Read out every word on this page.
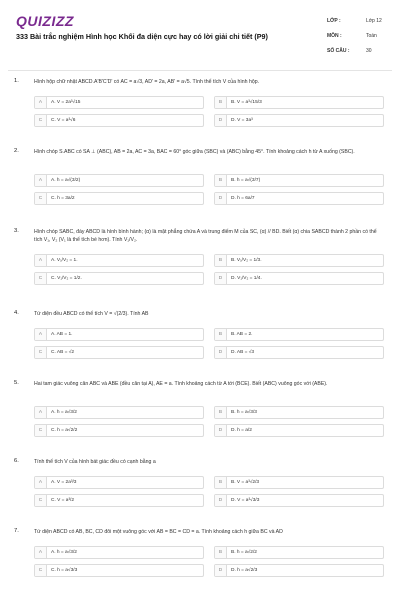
QUIZIZZ
333 Bài trắc nghiệm Hình học Khối đa diện cực hay có lời giải chi tiết (P9)
LỚP :	Lớp 12
MÔN :	Toán
SỐ CÂU :	30
1.	Hình hộp chữ nhật ABCD.A'B'C'D' có AC = a√3, AD' = 2a, AB' = a√5. Tính thể tích V của hình hộp.
A	A. V = 2a³√15	B	B. V = a³√15/3
C	C. V = a³√6	D	D. V = 3a³
2.	Hình chóp S.ABC có SA ⊥ (ABC), AB = 2a, AC = 3a, BAC = 60° góc giữa (SBC) và (ABC) bằng 45°. Tính khoảng cách h từ A xuống (SBC).
A	A. h = a√(3/2)	B	B. h = a√(3/7)
C	C. h = 3a/2	D	D. h = 6a/7
3.	Hình chóp SABC, đáy ABCD là hình bình hành; (α) là mặt phẳng chứa A và trung điểm M của SC, (α) // BD. Biết (α) chia SABCD thành 2 phần có thể tích V₁, V₂ (V₁ là thể tích bé hơn). Tính V₁/V₂.
A	A. V₁/V₂ = 1.	B	B. V₁/V₂ = 1/3.
C	C. V₁/V₂ = 1/2.	D	D. V₁/V₂ = 1/4.
4.	Tứ diện đều ABCD có thể tích V = √(2/3). Tính AB
A	A. AB = 1.	B	B. AB = 2.
C	C. AB = √2	D	D. AB = √3
5.	Hai tam giác vuông cân ABC và ABE (đều cân tại A), AE = a. Tính khoảng cách từ A tới (BCE). Biết (ABC) vuông góc với (ABE).
A	A. h = a√3/2	B	B. h = a√3/3
C	C. h = a√2/2	D	D. h = a/2
6.	Tính thể tích V của hình bát giác đều có cạnh bằng a
A	A. V = 2a³/3	B	B. V = a³√2/3
C	C. V = a³/2	D	D. V = a³√3/3
7.	Tứ diện ABCD có AB, BC, CD đôi một vuông góc với AB = BC = CD = a. Tính khoảng cách h giữa BC và AD
A	A. h = a√3/2	B	B. h = a√2/2
C	C. h = a√3/3	D	D. h = a√2/3
